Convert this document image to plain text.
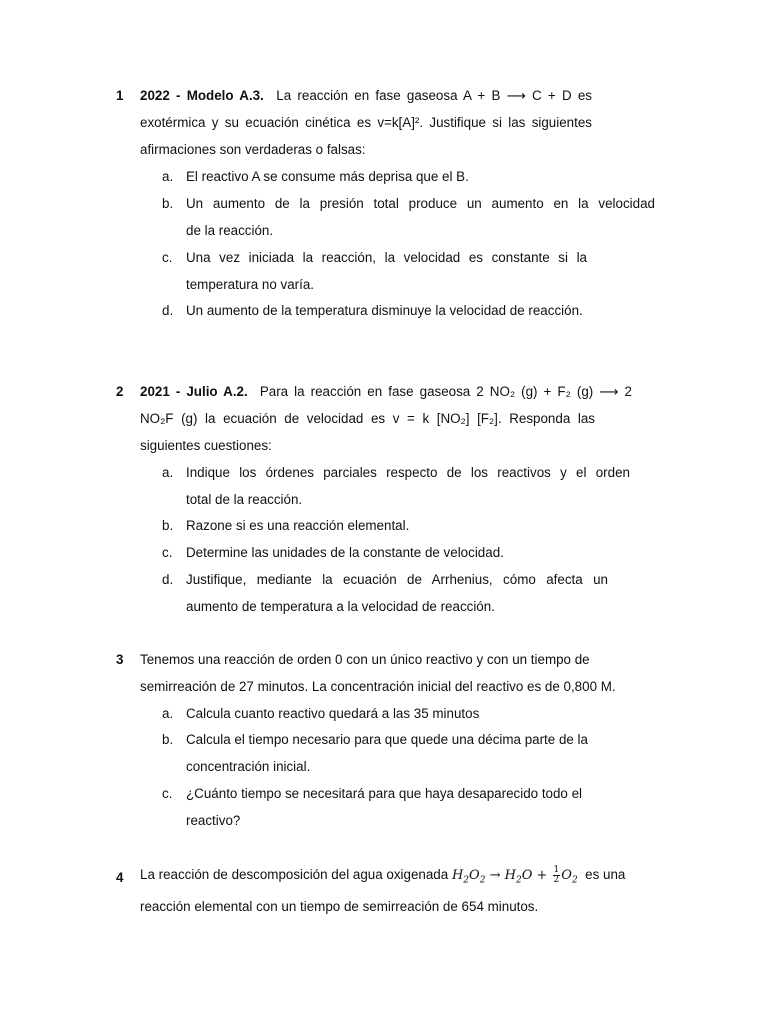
1 2022 - Modelo A.3. La reacción en fase gaseosa A + B ⟶ C + D es
exotérmica y su ecuación cinética es v=k[A]². Justifique si las siguientes
afirmaciones son verdaderas o falsas:
a. El reactivo A se consume más deprisa que el B.
b. Un aumento de la presión total produce un aumento en la velocidad
de la reacción.
c. Una vez iniciada la reacción, la velocidad es constante si la
temperatura no varía.
d. Un aumento de la temperatura disminuye la velocidad de reacción.
2 2021 - Julio A.2. Para la reacción en fase gaseosa 2 NO₂ (g) + F₂ (g) ⟶ 2
NO₂F (g) la ecuación de velocidad es v = k [NO₂] [F₂]. Responda las
siguientes cuestiones:
a. Indique los órdenes parciales respecto de los reactivos y el orden
total de la reacción.
b. Razone si es una reacción elemental.
c. Determine las unidades de la constante de velocidad.
d. Justifique, mediante la ecuación de Arrhenius, cómo afecta un
aumento de temperatura a la velocidad de reacción.
3 Tenemos una reacción de orden 0 con un único reactivo y con un tiempo de
semirreación de 27 minutos. La concentración inicial del reactivo es de 0,800 M.
a. Calcula cuanto reactivo quedará a las 35 minutos
b. Calcula el tiempo necesario para que quede una décima parte de la
concentración inicial.
c. ¿Cuánto tiempo se necesitará para que haya desaparecido todo el
reactivo?
4 La reacción de descomposición del agua oxigenada $H_2O_2 \to H_2O + \frac{1}{2} O_2$ es una
reacción elemental con un tiempo de semirreación de 654 minutos.
